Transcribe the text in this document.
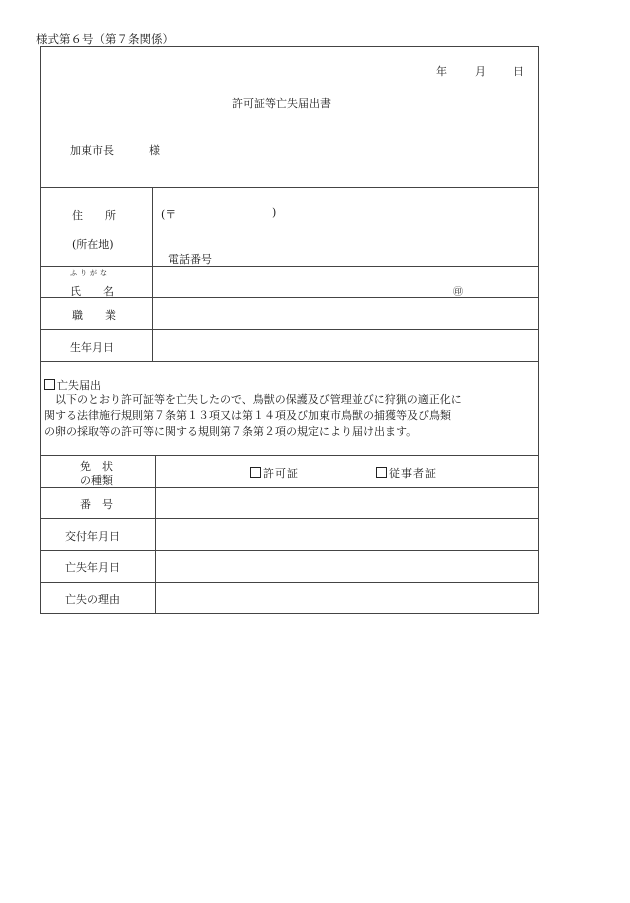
様式第６号（第７条関係）
年	月 日
許可証等亡失届出書
加東市長	様
住　　所
(所在地)
(〒	)
電話番号
ふりがな
氏　　名	㊞
職　　業
生年月日
亡失届出
　以下のとおり許可証等を亡失したので、鳥獣の保護及び管理並びに狩猟の適正化に
関する法律施行規則第７条第１３項又は第１４項及び加東市鳥獣の捕獲等及び鳥類
の卵の採取等の許可等に関する規則第７条第２項の規定により届け出ます。
免　状
の種類
許可証	従事者証
番　号
交付年月日
亡失年月日
亡失の理由
